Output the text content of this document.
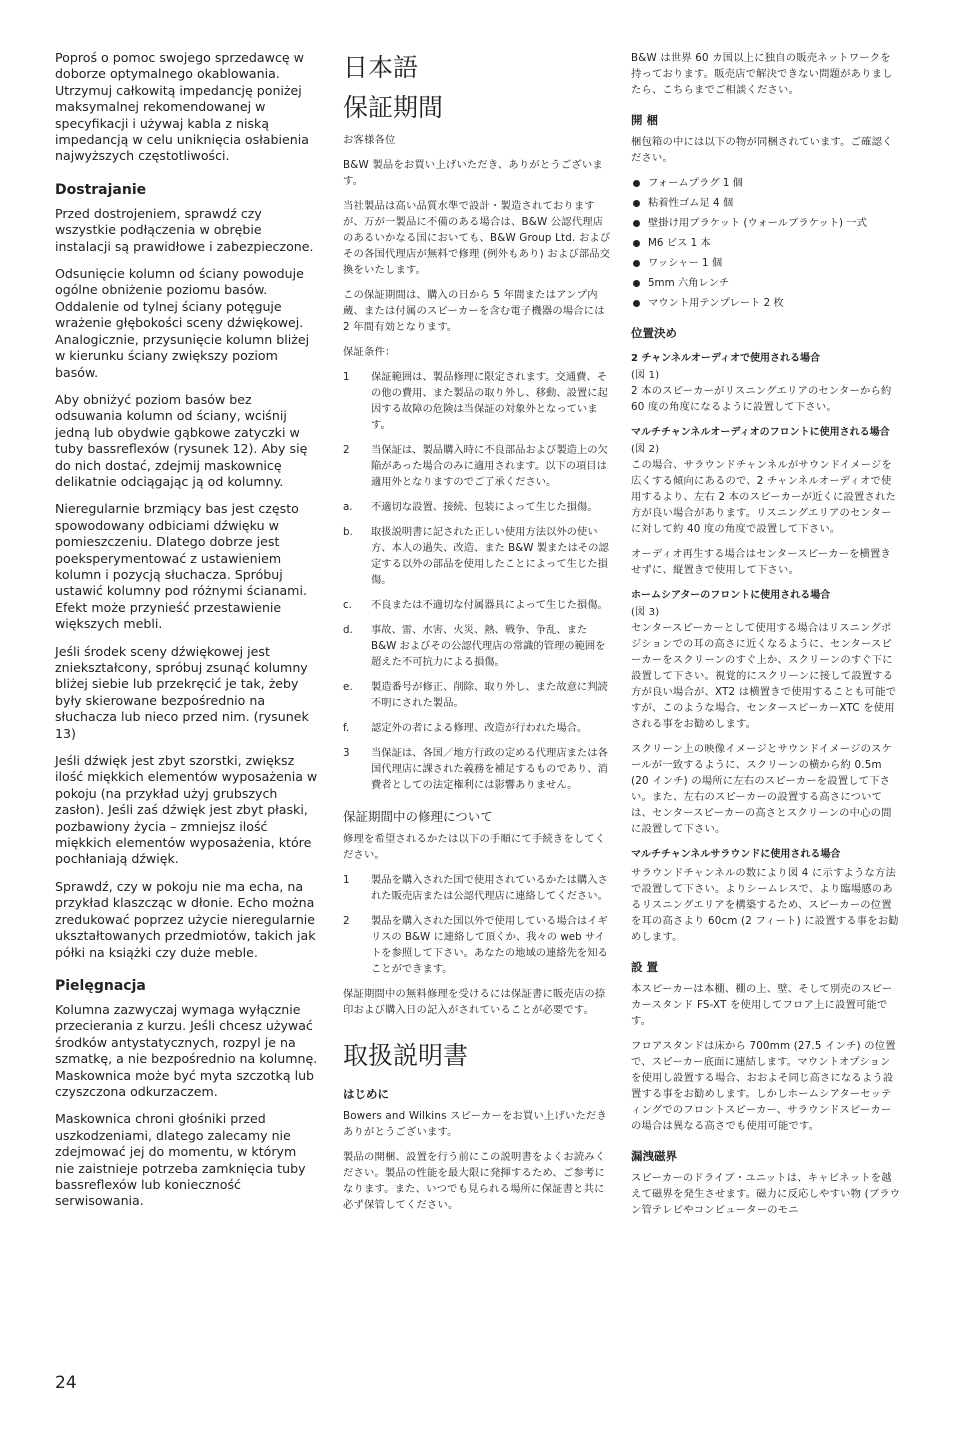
Poproś o pomoc swojego sprzedawcę w doborze optymalnego okablowania. Utrzymuj całkowitą impedancję poniżej maksymalnej rekomendowanej w specyfikacji i używaj kabla z niską impedancją w celu uniknięcia osłabienia najwyższych częstotliwości.

Dostrajanie

Przed dostrojeniem, sprawdź czy wszystkie podłączenia w obrębie instalacji są prawidłowe i zabezpieczone.

Odsunięcie kolumn od ściany powoduje ogólne obniżenie poziomu basów. Oddalenie od tylnej ściany potęguje wrażenie głębokości sceny dźwiękowej. Analogicznie, przysunięcie kolumn bliżej w kierunku ściany zwiększy poziom basów.

Aby obniżyć poziom basów bez odsuwania kolumn od ściany, wciśnij jedną lub obydwie gąbkowe zatyczki w tuby bassreflexów (rysunek 12). Aby się do nich dostać, zdejmij maskownicę delikatnie odciągając ją od kolumny.

Nieregularnie brzmiący bas jest często spowodowany odbiciami dźwięku w pomieszczeniu. Dlatego dobrze jest poeksperymentować z ustawieniem kolumn i pozycją słuchacza. Spróbuj ustawić kolumny pod różnymi ścianami. Efekt może przynieść przestawienie większych mebli.

Jeśli środek sceny dźwiękowej jest zniekształcony, spróbuj zsunąć kolumny bliżej siebie lub przekręcić je tak, żeby były skierowane bezpośrednio na słuchacza lub nieco przed nim. (rysunek 13)

Jeśli dźwięk jest zbyt szorstki, zwiększ ilość miękkich elementów wyposażenia w pokoju (na przykład użyj grubszych zasłon). Jeśli zaś dźwięk jest zbyt płaski, pozbawiony życia – zmniejsz ilość miękkich elementów wyposażenia, które pochłaniają dźwięk.

Sprawdź, czy w pokoju nie ma echa, na przykład klaszcząc w dłonie. Echo można zredukować poprzez użycie nieregularnie ukształtowanych przedmiotów, takich jak półki na książki czy duże meble.

Pielęgnacja

Kolumna zazwyczaj wymaga wyłącznie przecierania z kurzu. Jeśli chcesz używać środków antystatycznych, rozpyl je na szmatkę, a nie bezpośrednio na kolumnę. Maskownica może być myta szczotką lub czyszczona odkurzaczem.

Maskownica chroni głośniki przed uszkodzeniami, dlatego zalecamy nie zdejmować jej do momentu, w którym nie zaistnieje potrzeba zamknięcia tuby bassreflexów lub konieczność serwisowania.

日本語
保証期間

お客様各位

B&W 製品をお買い上げいただき、ありがとうございます。

当社製品は高い品質水準で設計・製造されておりますが、万が一製品に不備のある場合は、B&W 公認代理店のあるいかなる国においても、B&W Group Ltd. およびその各国代理店が無料で修理 (例外もあり) および部品交換をいたします。

この保証期間は、購入の日から 5 年間またはアンプ内蔵、または付属のスピーカーを含む電子機器の場合には 2 年間有効となります。

保証条件：

1	保証範囲は、製品修理に限定されます。交通費、その他の費用、また製品の取り外し、移動、設置に起因する故障の危険は当保証の対象外となっています。
2	当保証は、製品購入時に不良部品および製造上の欠陥があった場合のみに適用されます。以下の項目は適用外となりますのでご了承ください。
a.	不適切な設置、接続、包装によって生じた損傷。
b.	取扱説明書に記された正しい使用方法以外の使い方、本人の過失、改造、また B&W 製またはその認定する以外の部品を使用したことによって生じた損傷。
c.	不良または不適切な付属器具によって生じた損傷。
d.	事故、雷、水害、火災、熱、戦争、争乱、また B&W およびその公認代理店の常識的管理の範囲を超えた不可抗力による損傷。
e.	製造番号が修正、削除、取り外し、また故意に判読不明にされた製品。
f.	認定外の者による修理、改造が行われた場合。
3	当保証は、各国／地方行政の定める代理店または各国代理店に課された義務を補足するものであり、消費者としての法定権利には影響ありません。
保証期間中の修理について

修理を希望されるかたは以下の手順にて手続きをしてください。

1	製品を購入された国で使用されているかたは購入された販売店または公認代理店に連絡してください。
2	製品を購入された国以外で使用している場合はイギリスの B&W に連絡して頂くか、我々の web サイトを参照して下さい。あなたの地域の連絡先を知ることができます。

保証期間中の無料修理を受けるには保証書に販売店の捺印および購入日の記入がされていることが必要です。

取扱説明書
はじめに

Bowers and Wilkins スピーカーをお買い上げいただきありがとうございます。

製品の開梱、設置を行う前にこの説明書をよくお読みください。製品の性能を最大限に発揮するため、ご参考になります。また、いつでも見られる場所に保証書と共に必ず保管してください。

B&W は世界 60 カ国以上に独自の販売ネットワークを持っております。販売店で解決できない問題がありましたら、こちらまでご相談ください。

開 梱

梱包箱の中には以下の物が同梱されています。ご確認ください。

フォームプラグ 1 個
粘着性ゴム足 4 個
壁掛け用ブラケット (ウォールブラケット) 一式
M6 ビス 1 本
ワッシャー 1 個
5mm 六角レンチ
マウント用テンプレート 2 枚
位置決め
2 チャンネルオーディオで使用される場合

(図 1)

2 本のスピーカーがリスニングエリアのセンターから約 60 度の角度になるように設置して下さい。

マルチチャンネルオーディオのフロントに使用される場合

(図 2)

この場合、サラウンドチャンネルがサウンドイメージを広くする傾向にあるので、2 チャンネルオーディオで使用するより、左右 2 本のスピーカーが近くに設置された方が良い場合があります。リスニングエリアのセンターに対して約 40 度の角度で設置して下さい。

オーディオ再生する場合はセンタースピーカーを横置きせずに、縦置きで使用して下さい。

ホームシアターのフロントに使用される場合

(図 3)

センタースピーカーとして使用する場合はリスニングポジションでの耳の高さに近くなるように、センタースピーカーをスクリーンのすぐ上か、スクリーンのすぐ下に設置して下さい。視覚的にスクリーンに接して設置する方が良い場合が、XT2 は横置きで使用することも可能ですが、このような場合、センタースピーカーXTC を使用される事をお勧めします。

スクリーン上の映像イメージとサウンドイメージのスケールが一致するように、スクリーンの横から約 0.5m (20 インチ) の場所に左右のスピーカーを設置して下さい。また、左右のスピーカーの設置する高さについては、センタースピーカーの高さとスクリーンの中心の間に設置して下さい。

マルチチャンネルサラウンドに使用される場合

サラウンドチャンネルの数により図 4 に示すような方法で設置して下さい。よりシームレスで、より臨場感のあるリスニングエリアを構築するため、スピーカーの位置を耳の高さより 60cm (2 フィート) に設置する事をお勧めします。

設 置

本スピーカーは本棚、棚の上、壁、そして別売のスピーカースタンド FS-XT を使用してフロア上に設置可能です。

フロアスタンドは床から 700mm (27.5 インチ) の位置で、スピーカー底面に連結します。マウントオプションを使用し設置する場合、おおよそ同じ高さになるよう設置する事をお勧めします。しかしホームシアターセッティングでのフロントスピーカー、サラウンドスピーカーの場合は異なる高さでも使用可能です。

漏洩磁界

スピーカーのドライブ・ユニットは、キャビネットを越えて磁界を発生させます。磁力に反応しやすい物 (ブラウン管テレビやコンピューターのモニ

24
